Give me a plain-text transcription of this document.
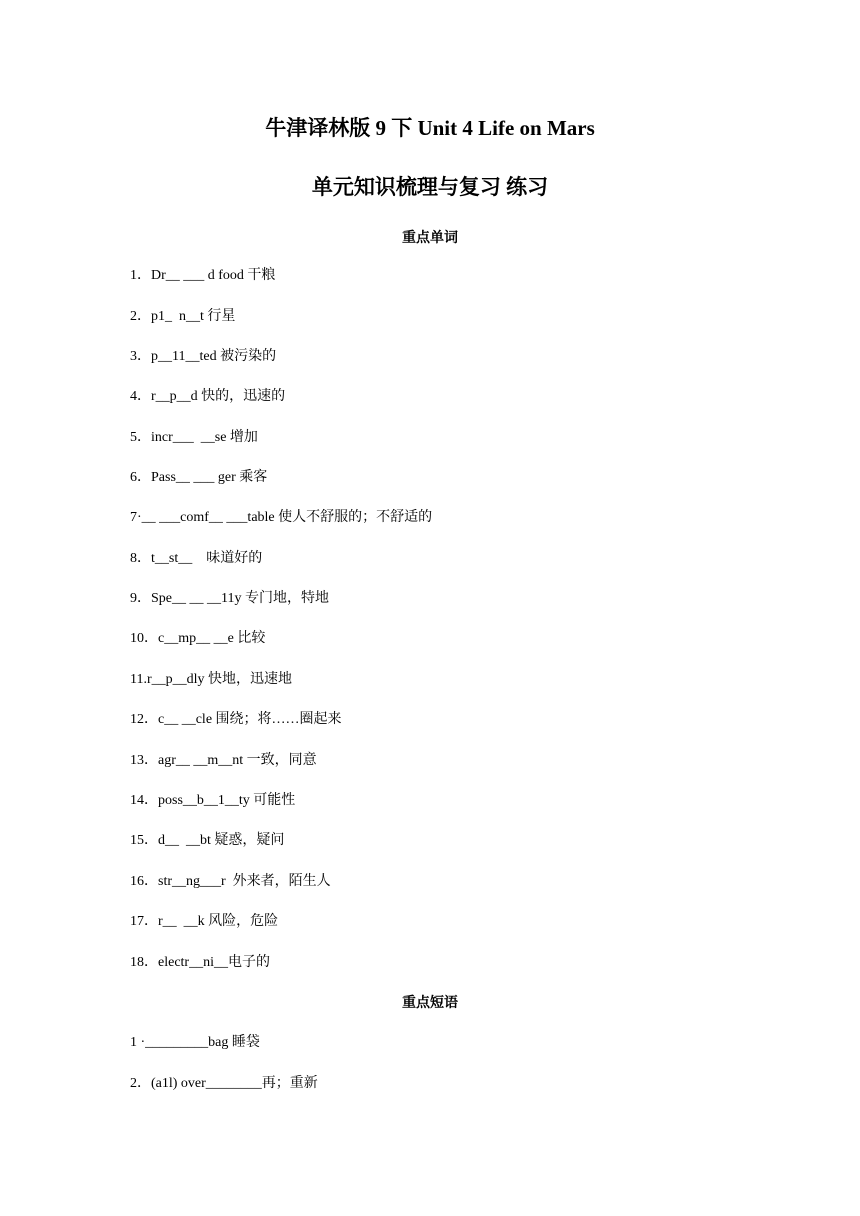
牛津译林版 9 下 Unit 4 Life on Mars
单元知识梳理与复习 练习
重点单词
1．Dr__ ___ d food 干粮
2．p1_  n__t 行星
3．p__11__ted 被污染的
4．r__p__d 快的，迅速的
5．incr___  __se 增加
6．Pass__ ___ ger 乘客
7·__ ___comf__ ___table 使人不舒服的；不舒适的
8．t__st__    味道好的
9．Spe__ __ __11y 专门地，特地
10．c__mp__ __e 比较
11.r__p__dly 快地，迅速地
12．c__ __cle 围绕；将……圈起来
13．agr__ __m__nt 一致，同意
14．poss__b__1__ty 可能性
15．d__  __bt 疑惑，疑问
16．str__ng___r  外来者，陌生人
17．r__  __k 风险，危险
18．electr__ni__电子的
重点短语
1 ·_________bag 睡袋
2．(a1l) over________再；重新
